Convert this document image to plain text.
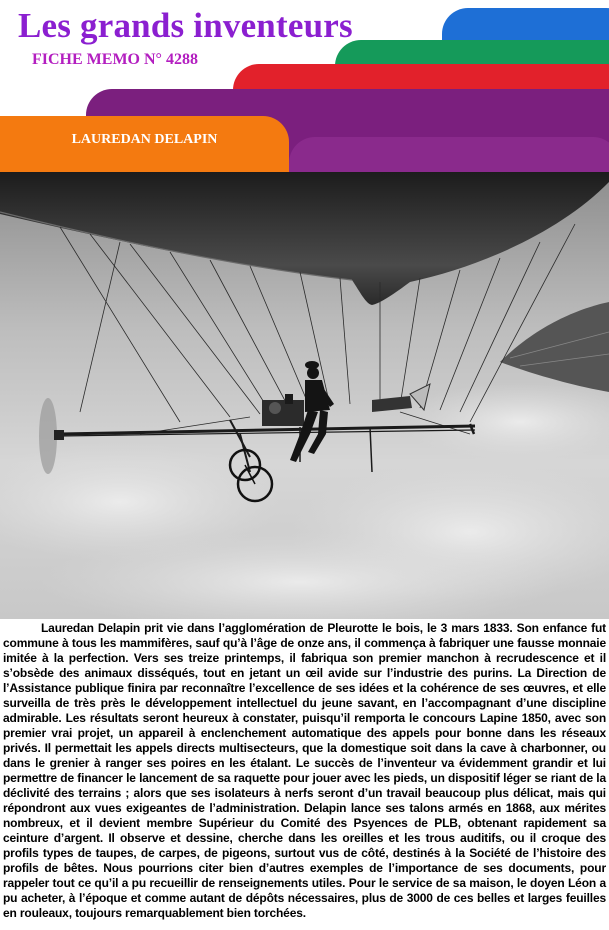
Les grands inventeurs

FICHE MEMO N° 4288

LAUREDAN DELAPIN

Lauredan Delapin prit vie dans l’agglomération de Pleurotte le bois, le 3 mars 1833. Son enfance fut commune à tous les mammifères, sauf qu’à l’âge de onze ans, il commença à fabriquer une fausse monnaie imitée à la perfection. Vers ses treize printemps, il fabriqua son premier manchon à recrudescence et il s’obsède des animaux disséqués, tout en jetant un œil avide sur l’industrie des purins. La Direction de l’Assistance publique finira par reconnaître l’excellence de ses idées et la cohérence de ses œuvres, et elle surveilla de très près le développement intellectuel du jeune savant, en l’accompagnant d’une discipline admirable. Les résultats seront heureux à constater, puisqu’il remporta le concours Lapine 1850, avec son premier vrai projet, un appareil à enclenchement automatique des appels pour bonne dans les réseaux privés. Il permettait les appels directs multisecteurs, que la domestique soit dans la cave à charbonner, ou dans le grenier à ranger ses poires en les étalant. Le succès de l’inventeur va évidemment grandir et lui permettre de financer le lancement de sa raquette pour jouer avec les pieds, un dispositif léger se riant de la déclivité des terrains ; alors que ses isolateurs à nerfs seront d’un travail beaucoup plus délicat, mais qui répondront aux vues exigeantes de l’administration. Delapin lance ses talons armés en 1868, aux mérites nombreux, et il devient membre Supérieur du Comité des Psyences de PLB, obtenant rapidement sa ceinture d’argent. Il observe et dessine, cherche dans les oreilles et les trous auditifs, ou il croque des profils types de taupes, de carpes, de pigeons, surtout vus de côté, destinés à la Société de l’histoire des profils de bêtes. Nous pourrions citer bien d’autres exemples de l’importance de ses documents, pour rappeler tout ce qu’il a pu recueillir de renseignements utiles. Pour le service de sa maison, le doyen Léon a pu acheter, à l’époque et comme autant de dépôts nécessaires, plus de 3000 de ces belles et larges feuilles en rouleaux, toujours remarquablement bien torchées.
